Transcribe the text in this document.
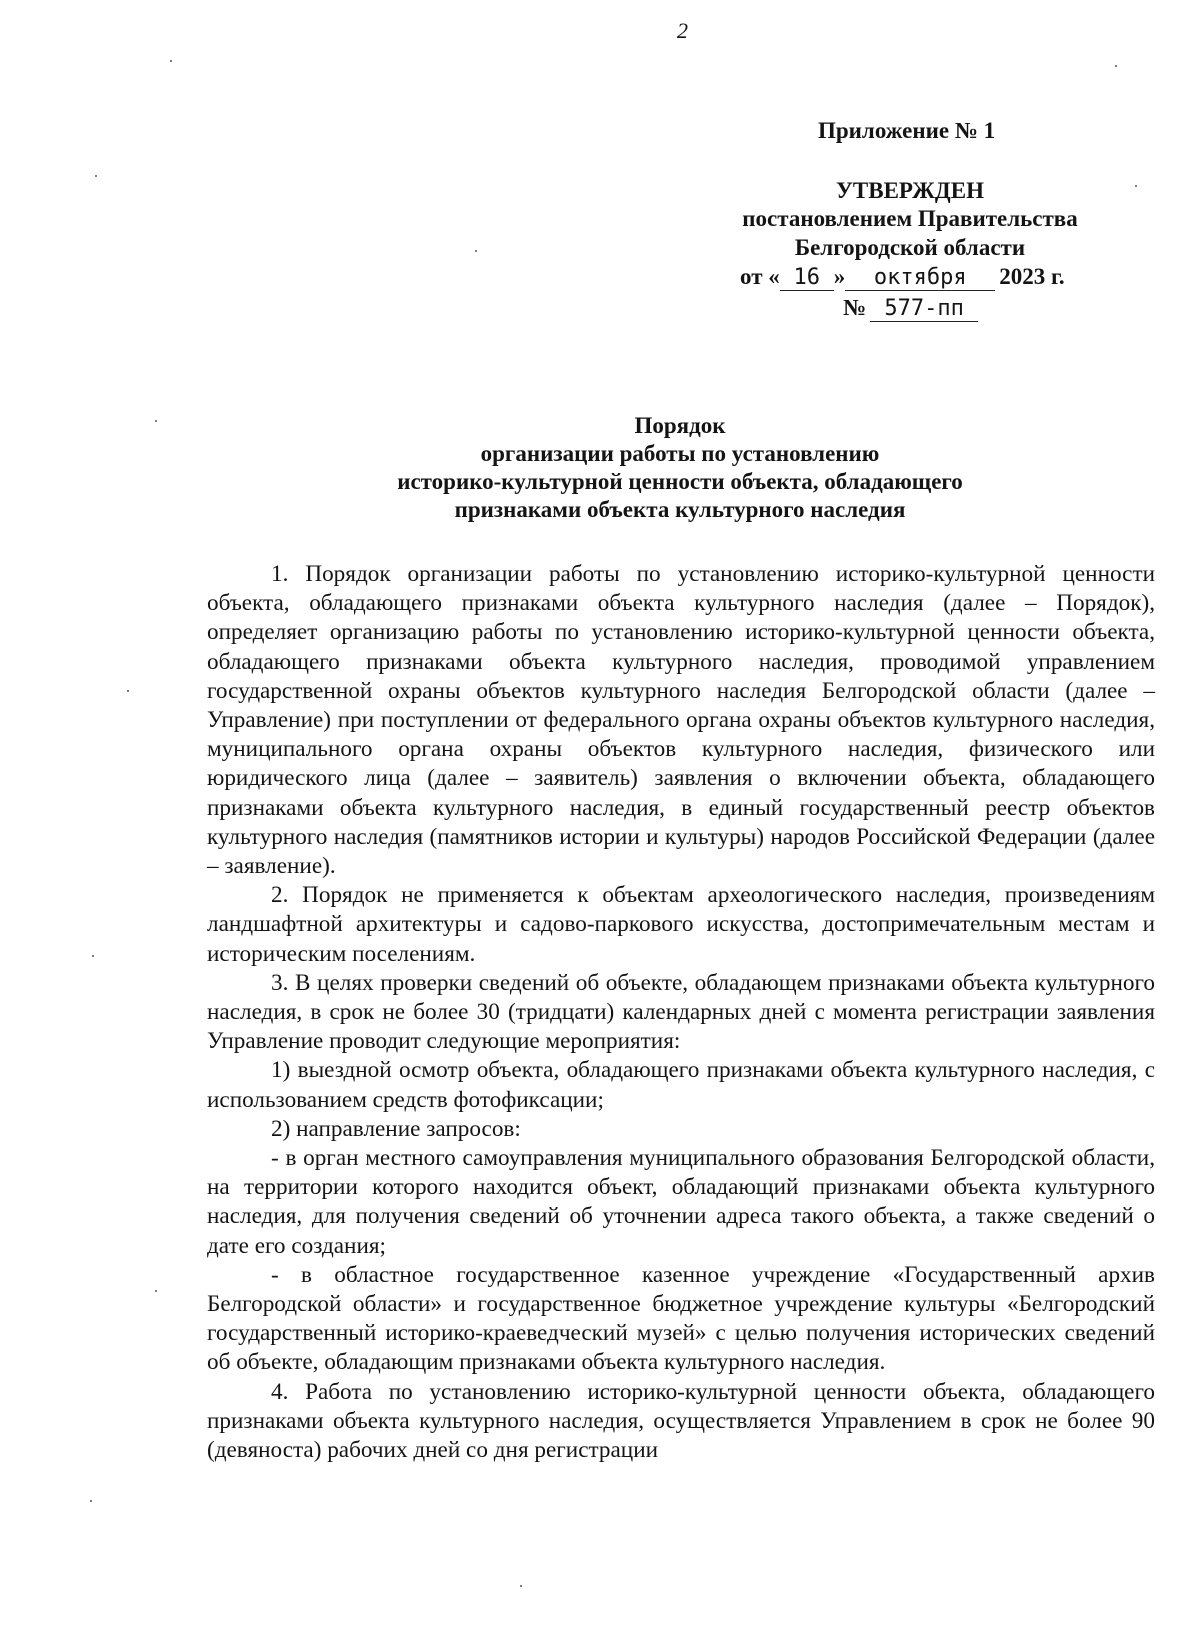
2
Приложение № 1
УТВЕРЖДЕН
постановлением Правительства
Белгородской области
от « 16 » октября 2023 г.
№ 577-пп
Порядок
организации работы по установлению
историко-культурной ценности объекта, обладающего
признаками объекта культурного наследия

1. Порядок организации работы по установлению историко-культурной ценности объекта, обладающего признаками объекта культурного наследия (далее – Порядок), определяет организацию работы по установлению историко-культурной ценности объекта, обладающего признаками объекта культурного наследия, проводимой управлением государственной охраны объектов культурного наследия Белгородской области (далее – Управление) при поступлении от федерального органа охраны объектов культурного наследия, муниципального органа охраны объектов культурного наследия, физического или юридического лица (далее – заявитель) заявления о включении объекта, обладающего признаками объекта культурного наследия, в единый государственный реестр объектов культурного наследия (памятников истории и культуры) народов Российской Федерации (далее – заявление).

2. Порядок не применяется к объектам археологического наследия, произведениям ландшафтной архитектуры и садово-паркового искусства, достопримечательным местам и историческим поселениям.

3. В целях проверки сведений об объекте, обладающем признаками объекта культурного наследия, в срок не более 30 (тридцати) календарных дней с момента регистрации заявления Управление проводит следующие мероприятия:

1) выездной осмотр объекта, обладающего признаками объекта культурного наследия, с использованием средств фотофиксации;

2) направление запросов:

- в орган местного самоуправления муниципального образования Белгородской области, на территории которого находится объект, обладающий признаками объекта культурного наследия, для получения сведений об уточнении адреса такого объекта, а также сведений о дате его создания;

- в областное государственное казенное учреждение «Государственный архив Белгородской области» и государственное бюджетное учреждение культуры «Белгородский государственный историко-краеведческий музей» с целью получения исторических сведений об объекте, обладающим признаками объекта культурного наследия.

4. Работа по установлению историко-культурной ценности объекта, обладающего признаками объекта культурного наследия, осуществляется Управлением в срок не более 90 (девяноста) рабочих дней со дня регистрации
